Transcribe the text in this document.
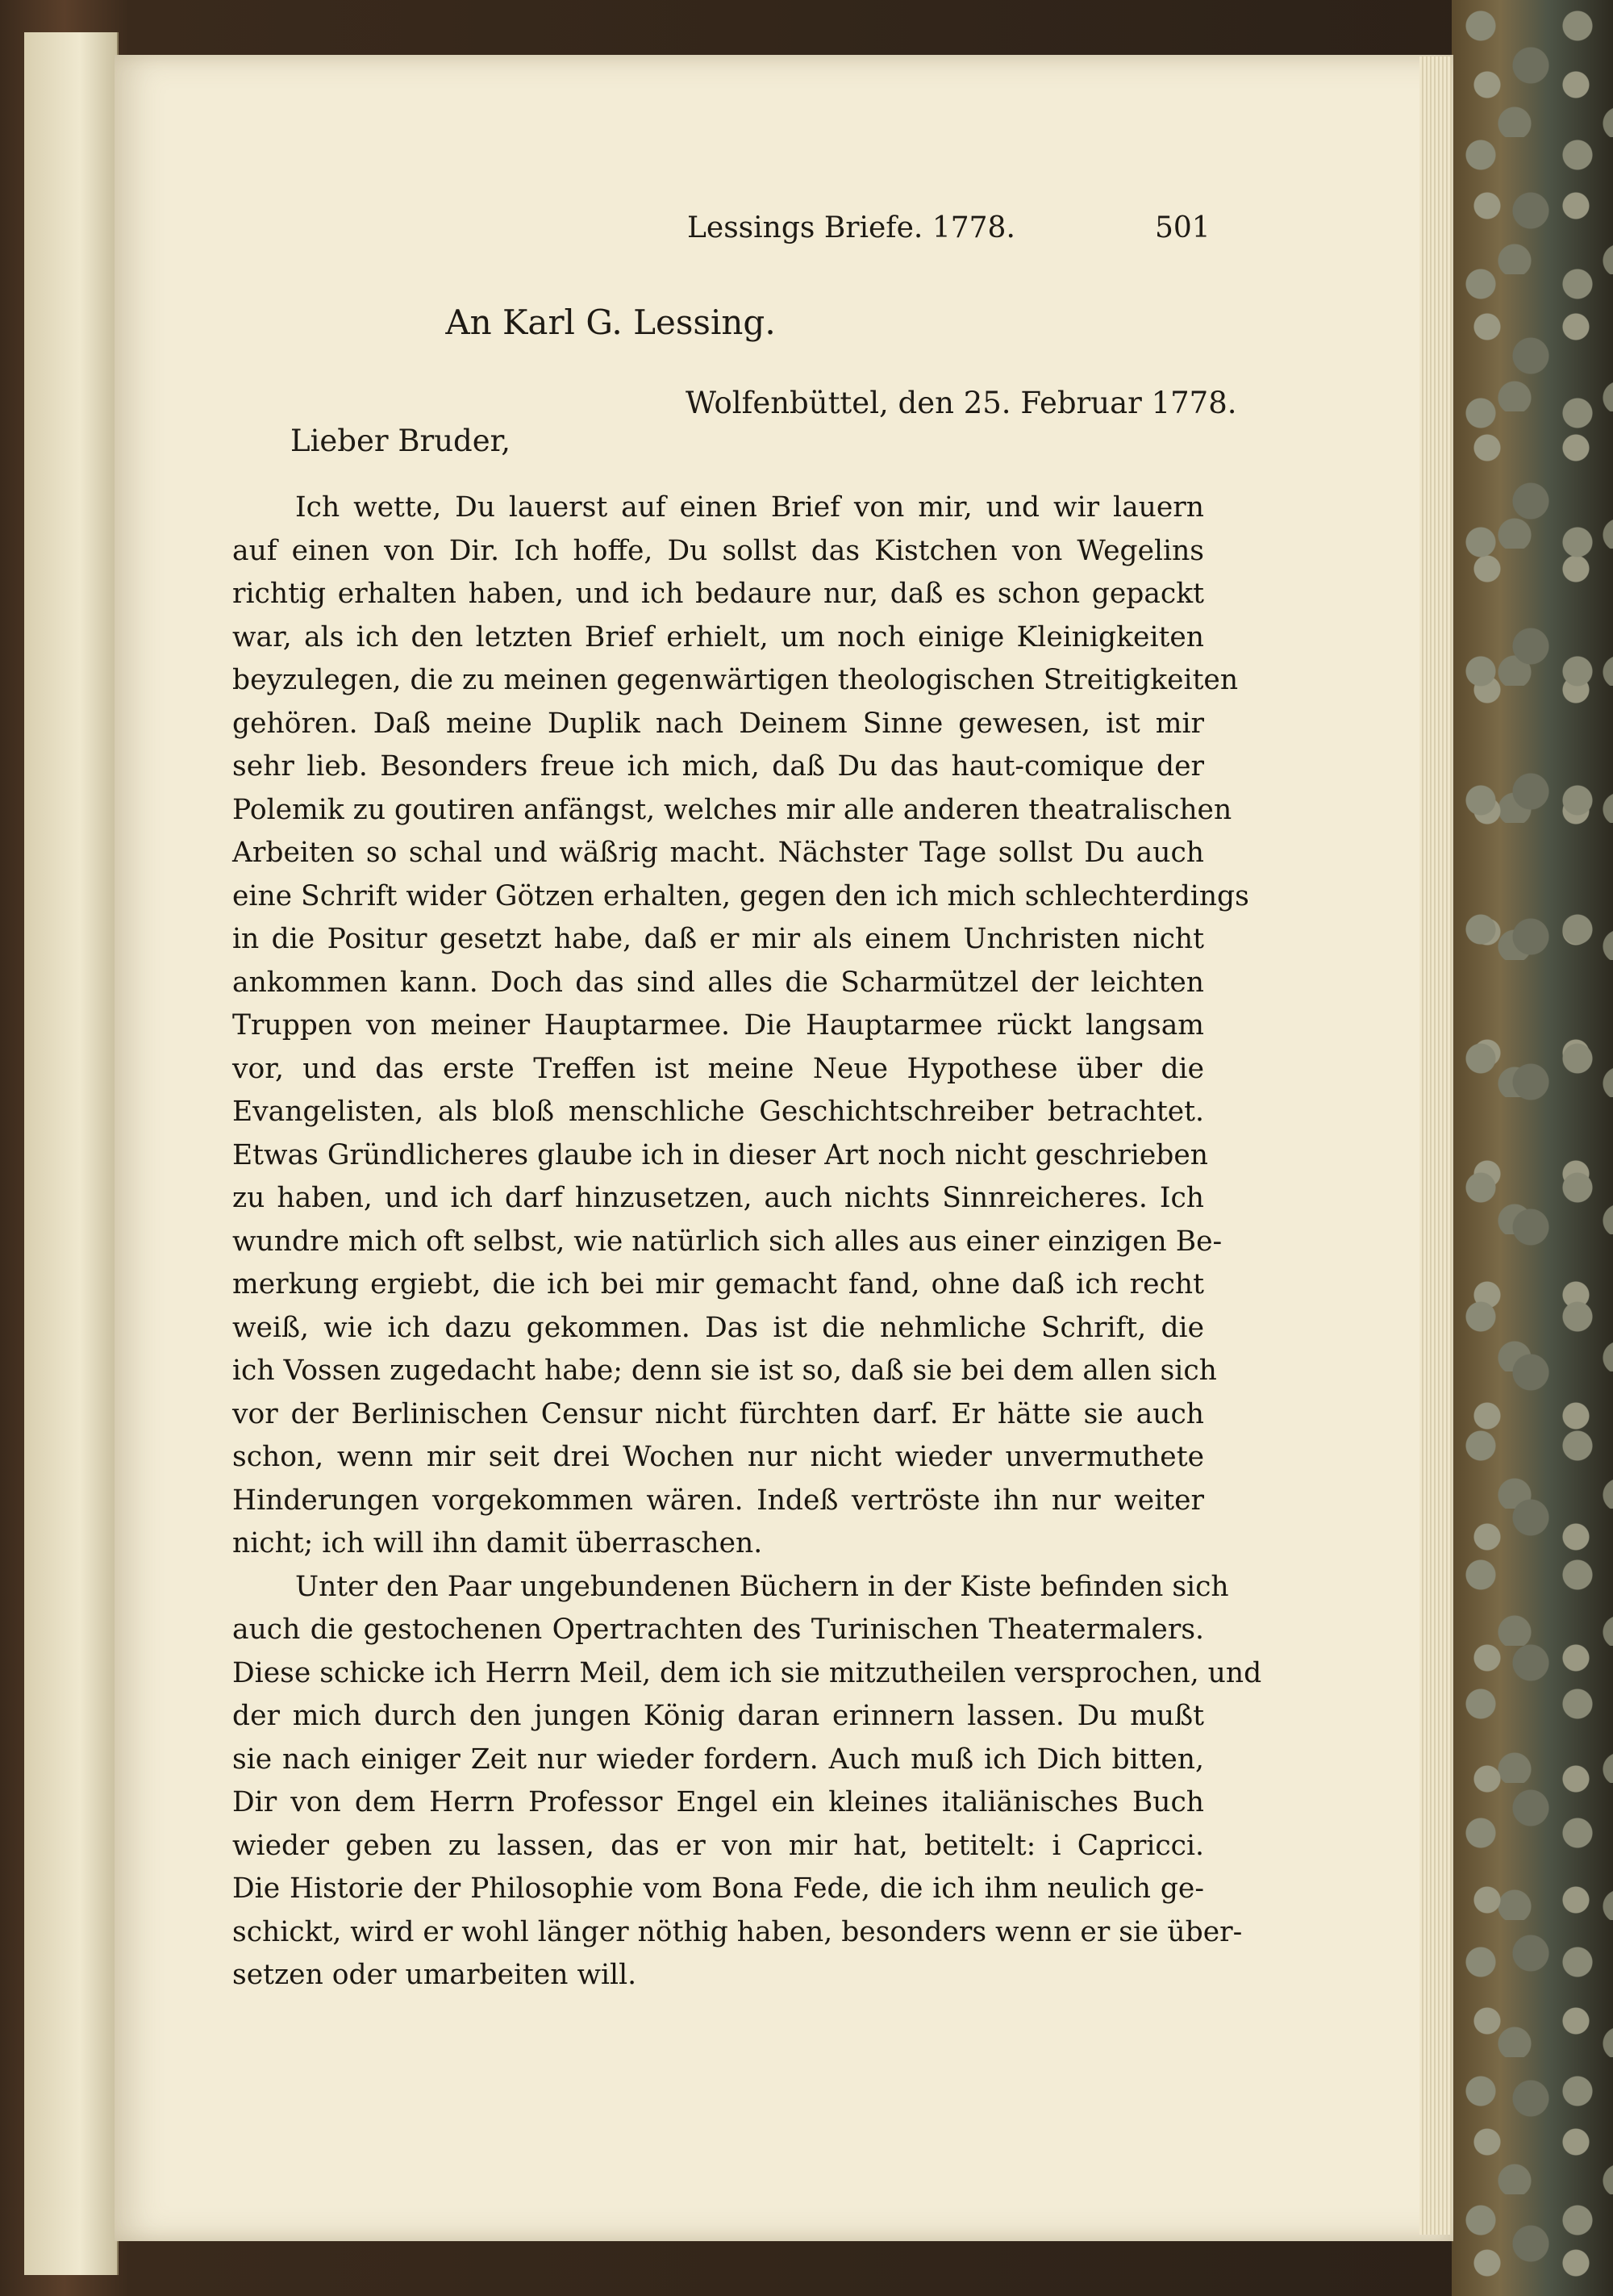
Lessings Briefe. 1778.	501
An Karl G. Lessing.
Wolfenbüttel, den 25. Februar 1778.
Lieber Bruder,
Ich wette, Du lauerst auf einen Brief von mir, und wir lauern
auf einen von Dir. Ich hoffe, Du sollst das Kistchen von Wegelins
richtig erhalten haben, und ich bedaure nur, daß es schon gepackt
war, als ich den letzten Brief erhielt, um noch einige Kleinigkeiten
beyzulegen, die zu meinen gegenwärtigen theologischen Streitigkeiten
gehören. Daß meine Duplik nach Deinem Sinne gewesen, ist mir
sehr lieb. Besonders freue ich mich, daß Du das haut-comique der
Polemik zu goutiren anfängst, welches mir alle anderen theatralischen
Arbeiten so schal und wäßrig macht. Nächster Tage sollst Du auch
eine Schrift wider Götzen erhalten, gegen den ich mich schlechterdings
in die Positur gesetzt habe, daß er mir als einem Unchristen nicht
ankommen kann. Doch das sind alles die Scharmützel der leichten
Truppen von meiner Hauptarmee. Die Hauptarmee rückt langsam
vor, und das erste Treffen ist meine Neue Hypothese über die
Evangelisten, als bloß menschliche Geschichtschreiber betrachtet.
Etwas Gründlicheres glaube ich in dieser Art noch nicht geschrieben
zu haben, und ich darf hinzusetzen, auch nichts Sinnreicheres. Ich
wundre mich oft selbst, wie natürlich sich alles aus einer einzigen Be-
merkung ergiebt, die ich bei mir gemacht fand, ohne daß ich recht
weiß, wie ich dazu gekommen. Das ist die nehmliche Schrift, die
ich Vossen zugedacht habe; denn sie ist so, daß sie bei dem allen sich
vor der Berlinischen Censur nicht fürchten darf. Er hätte sie auch
schon, wenn mir seit drei Wochen nur nicht wieder unvermuthete
Hinderungen vorgekommen wären. Indeß vertröste ihn nur weiter
nicht; ich will ihn damit überraschen.
Unter den Paar ungebundenen Büchern in der Kiste befinden sich
auch die gestochenen Opertrachten des Turinischen Theatermalers.
Diese schicke ich Herrn Meil, dem ich sie mitzutheilen versprochen, und
der mich durch den jungen König daran erinnern lassen. Du mußt
sie nach einiger Zeit nur wieder fordern. Auch muß ich Dich bitten,
Dir von dem Herrn Professor Engel ein kleines italiänisches Buch
wieder geben zu lassen, das er von mir hat, betitelt: i Capricci.
Die Historie der Philosophie vom Bona Fede, die ich ihm neulich ge-
schickt, wird er wohl länger nöthig haben, besonders wenn er sie über-
setzen oder umarbeiten will.
